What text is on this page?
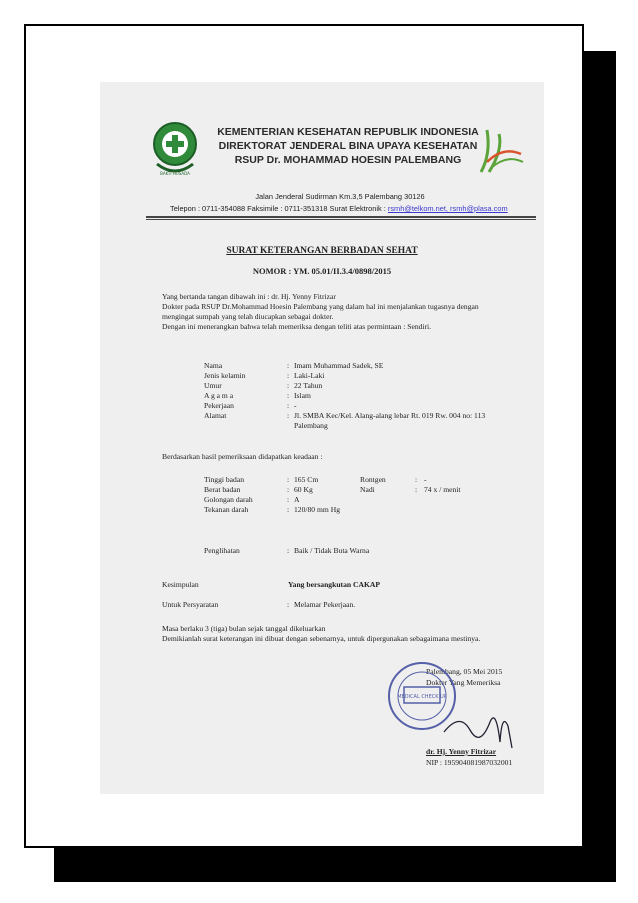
BAKTI HUSADA
KEMENTERIAN KESEHATAN REPUBLIK INDONESIA
DIREKTORAT JENDERAL BINA UPAYA KESEHATAN
RSUP Dr. MOHAMMAD HOESIN PALEMBANG
Jalan Jenderal Sudirman Km.3,5 Palembang 30126
Telepon : 0711-354088 Faksimile : 0711-351318 Surat Elektronik : rsmh@telkom.net, rsmh@plasa.com
SURAT KETERANGAN BERBADAN SEHAT
NOMOR : YM. 05.01/II.3.4/0898/2015
Yang bertanda tangan dibawah ini : dr. Hj. Yenny Fitrizar
Dokter pada RSUP Dr.Mohammad Hoesin Palembang yang dalam hal ini menjalankan tugasnya dengan
mengingat sumpah yang telah diucapkan sebagai dokter.
Dengan ini menerangkan bahwa telah memeriksa dengan teliti atas permintaan : Sendiri.
Nama	: Imam Muhammad Sadek, SE
Jenis kelamin	: Laki-Laki
Umur	: 22 Tahun
A g a m a	: Islam
Pekerjaan	: -
Alamat	: Jl. SMBA Kec/Kel. Alang-alang lebar Rt. 019 Rw. 004 no: 113
Palembang
Berdasarkan hasil pemeriksaan didapatkan keadaan :
Tinggi badan	: 165 Cm	Rontgen	: -
Berat badan	: 60 Kg	Nadi	: 74 x / menit
Golongan darah	: A
Tekanan darah	: 120/80 mm Hg
Penglihatan	: Baik / Tidak Buta Warna
Kesimpulan	Yang bersangkutan CAKAP
Untuk Persyaratan	: Melamar Pekerjaan.
Masa berlaku 3 (tiga) bulan sejak tanggal dikeluarkan
Demikianlah surat keterangan ini dibuat dengan sebenarnya, untuk dipergunakan sebagaimana mestinya.
Palembang, 05 Mei 2015
Dokter Yang Memeriksa
MEDICAL CHECK UP
dr. Hj. Yenny Fitrizar
NIP : 195904081987032001
